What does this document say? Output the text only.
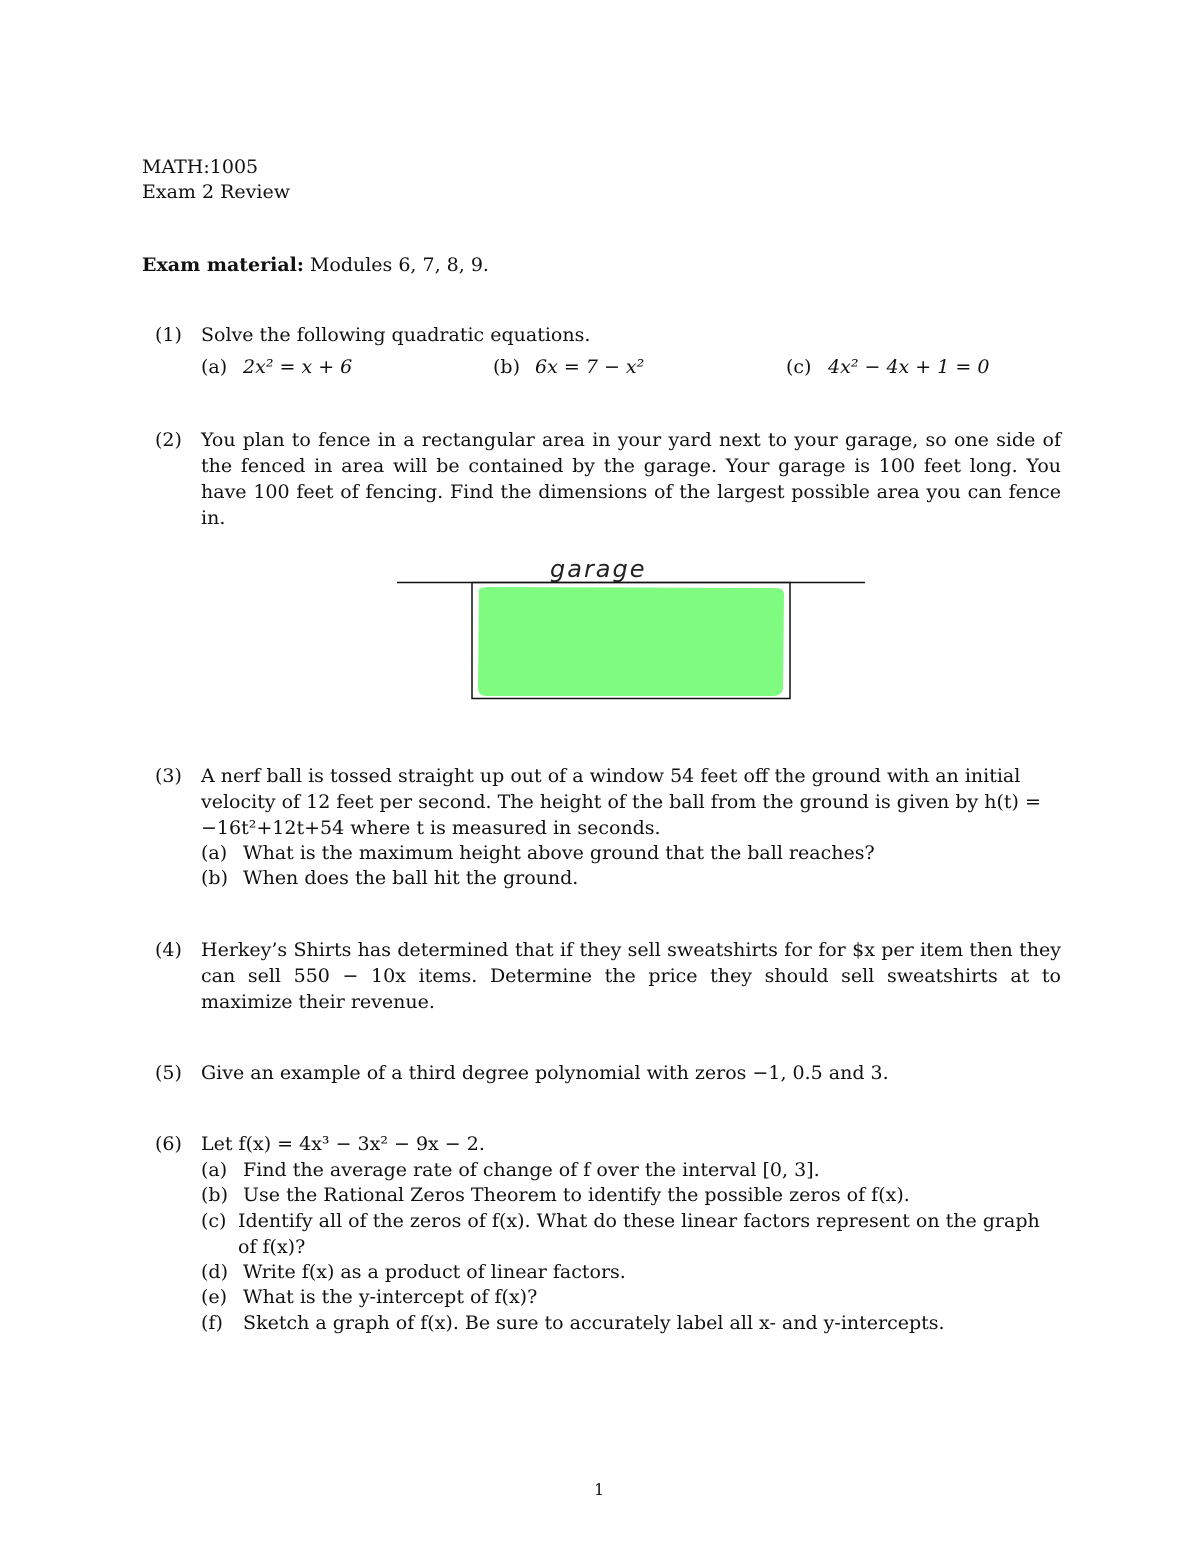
MATH:1005
Exam 2 Review
Exam material: Modules 6, 7, 8, 9.
(1)	Solve the following quadratic equations.
(a) 2x² = x + 6	(b) 6x = 7 − x²	(c) 4x² − 4x + 1 = 0
(2)	You plan to fence in a rectangular area in your yard next to your garage, so one side of the fenced in area will be contained by the garage. Your garage is 100 feet long. You have 100 feet of fencing. Find the dimensions of the largest possible area you can fence in.
garage
(3)	A nerf ball is tossed straight up out of a window 54 feet off the ground with an initial velocity of 12 feet per second. The height of the ball from the ground is given by h(t) = −16t²+12t+54 where t is measured in seconds.
(a) What is the maximum height above ground that the ball reaches?
(b) When does the ball hit the ground.
(4)	Herkey’s Shirts has determined that if they sell sweatshirts for for $x per item then they can sell 550 − 10x items. Determine the price they should sell sweatshirts at to maximize their revenue.
(5)	Give an example of a third degree polynomial with zeros −1, 0.5 and 3.
(6)	Let f(x) = 4x³ − 3x² − 9x − 2.
(a) Find the average rate of change of f over the interval [0, 3].
(b) Use the Rational Zeros Theorem to identify the possible zeros of f(x).
(c) Identify all of the zeros of f(x). What do these linear factors represent on the graph of f(x)?
(d) Write f(x) as a product of linear factors.
(e) What is the y-intercept of f(x)?
(f) Sketch a graph of f(x). Be sure to accurately label all x- and y-intercepts.
1
